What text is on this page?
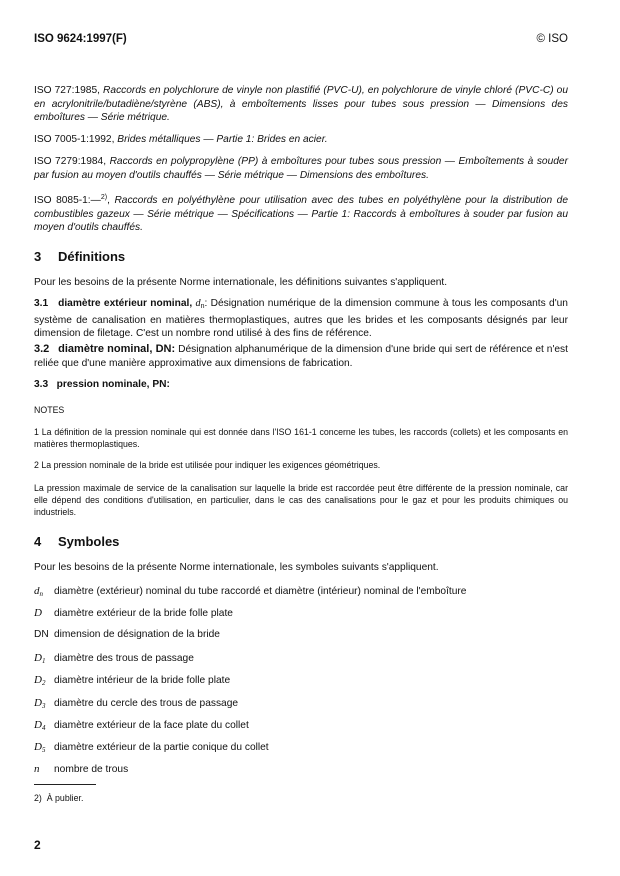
ISO 9624:1997(F)	© ISO
ISO 727:1985, Raccords en polychlorure de vinyle non plastifié (PVC-U), en polychlorure de vinyle chloré (PVC-C) ou en acrylonitrile/butadiène/styrène (ABS), à emboîtements lisses pour tubes sous pression — Dimensions des emboîtures — Série métrique.
ISO 7005-1:1992, Brides métalliques — Partie 1: Brides en acier.
ISO 7279:1984, Raccords en polypropylène (PP) à emboîtures pour tubes sous pression — Emboîtements à souder par fusion au moyen d'outils chauffés — Série métrique — Dimensions des emboîtures.
ISO 8085-1:—$^{2)}$, Raccords en polyéthylène pour utilisation avec des tubes en polyéthylène pour la distribution de combustibles gazeux — Série métrique — Spécifications — Partie 1: Raccords à emboîtures à souder par fusion au moyen d'outils chauffés.
3 Définitions
Pour les besoins de la présente Norme internationale, les définitions suivantes s'appliquent.
3.1 diamètre extérieur nominal, $d_n$: Désignation numérique de la dimension commune à tous les composants d'un système de canalisation en matières thermoplastiques, autres que les brides et les composants désignés par leur dimension de filetage. C'est un nombre rond utilisé à des fins de référence.
3.2 diamètre nominal, DN: Désignation alphanumérique de la dimension d'une bride qui sert de référence et n'est reliée que d'une manière approximative aux dimensions de fabrication.
3.3 pression nominale, PN:
NOTES
1 La définition de la pression nominale qui est donnée dans l'ISO 161-1 concerne les tubes, les raccords (collets) et les composants en matières thermoplastiques.
2 La pression nominale de la bride est utilisée pour indiquer les exigences géométriques.
La pression maximale de service de la canalisation sur laquelle la bride est raccordée peut être différente de la pression nominale, car elle dépend des conditions d'utilisation, en particulier, dans le cas des canalisations pour le gaz et pour les produits chimiques ou industriels.
4 Symboles
Pour les besoins de la présente Norme internationale, les symboles suivants s'appliquent.
$d_n$ diamètre (extérieur) nominal du tube raccordé et diamètre (intérieur) nominal de l'emboîture
D diamètre extérieur de la bride folle plate
DN dimension de désignation de la bride
$D_1$ diamètre des trous de passage
$D_2$ diamètre intérieur de la bride folle plate
$D_3$ diamètre du cercle des trous de passage
$D_4$ diamètre extérieur de la face plate du collet
$D_5$ diamètre extérieur de la partie conique du collet
n nombre de trous
2) À publier.
2
